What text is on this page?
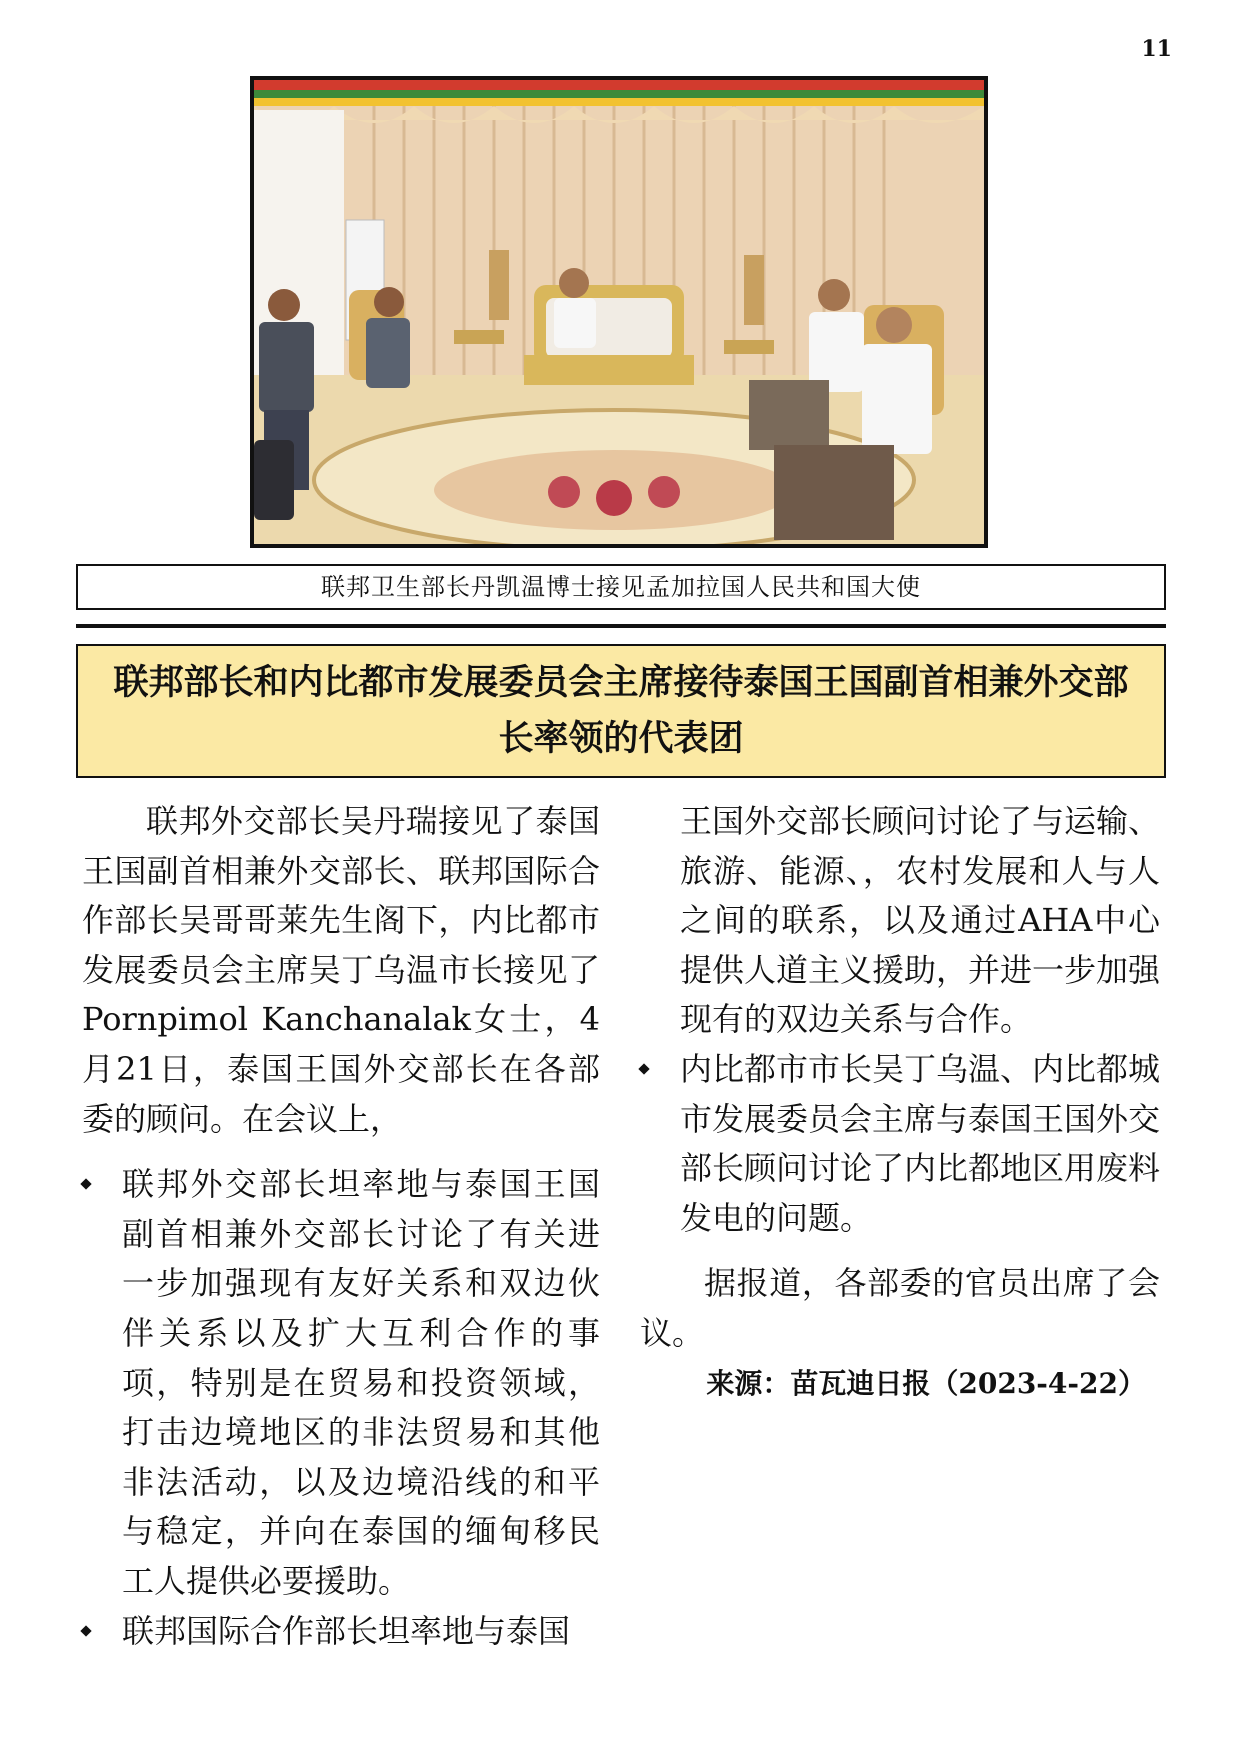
11
联邦卫生部长丹凯温博士接见孟加拉国人民共和国大使
联邦部长和内比都市发展委员会主席接待泰国王国副首相兼外交部长率领的代表团

联邦外交部长吴丹瑞接见了泰国王国副首相兼外交部长、联邦国际合作部长吴哥哥莱先生阁下，内比都市发展委员会主席吴丁乌温市长接见了Pornpimol Kanchanalak女士，4月21日，泰国王国外交部长在各部委的顾问。在会议上，

联邦外交部长坦率地与泰国王国副首相兼外交部长讨论了有关进一步加强现有友好关系和双边伙伴关系以及扩大互利合作的事项，特别是在贸易和投资领域，打击边境地区的非法贸易和其他非法活动，以及边境沿线的和平与稳定，并向在泰国的缅甸移民工人提供必要援助。

联邦国际合作部长坦率地与泰国

王国外交部长顾问讨论了与运输、旅游、能源、，农村发展和人与人之间的联系，以及通过AHA中心提供人道主义援助，并进一步加强现有的双边关系与合作。

内比都市市长吴丁乌温、内比都城市发展委员会主席与泰国王国外交部长顾问讨论了内比都地区用废料发电的问题。

据报道，各部委的官员出席了会议。

来源：苗瓦迪日报（2023-4-22）
